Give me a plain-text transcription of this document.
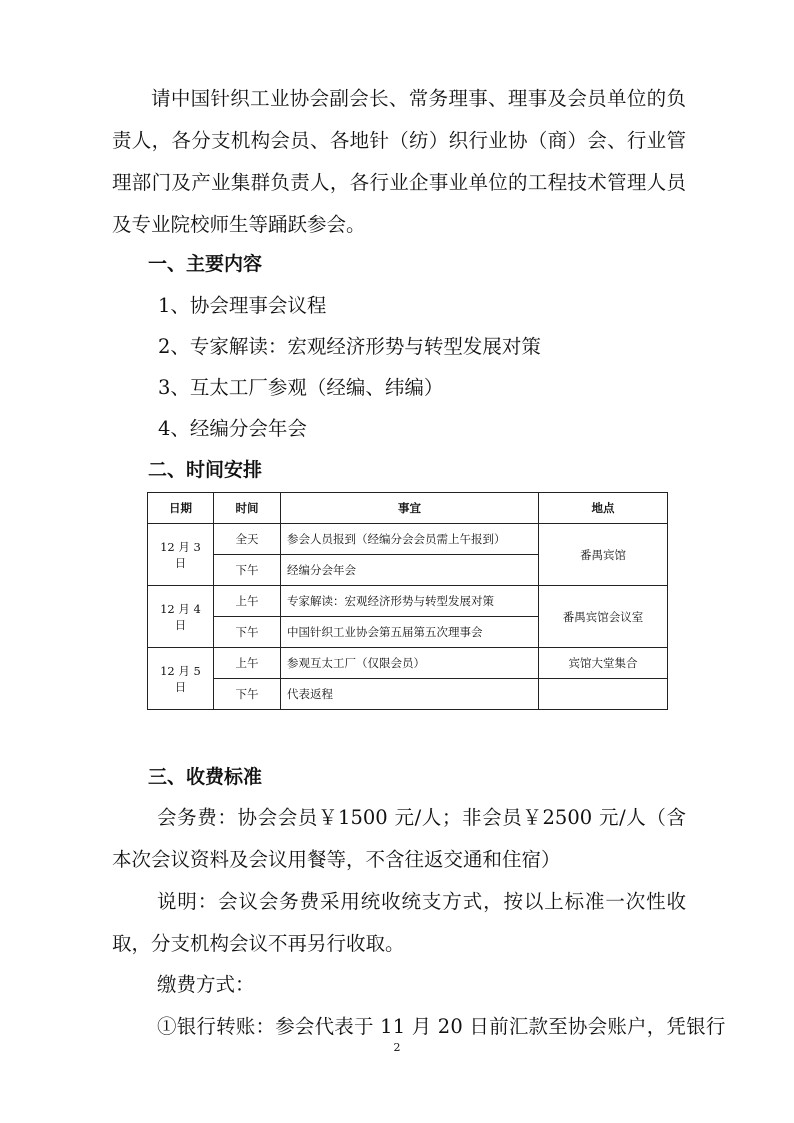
请中国针织工业协会副会长、常务理事、理事及会员单位的负责人，各分支机构会员、各地针（纺）织行业协（商）会、行业管理部门及产业集群负责人，各行业企事业单位的工程技术管理人员及专业院校师生等踊跃参会。

一、主要内容
1、协会理事会议程
2、专家解读：宏观经济形势与转型发展对策
3、互太工厂参观（经编、纬编）
4、经编分会年会
二、时间安排
日期	时间	事宜	地点
12 月 3 日	全天	参会人员报到（经编分会会员需上午报到）	番禺宾馆
	下午	经编分会年会	
12 月 4 日	上午	专家解读：宏观经济形势与转型发展对策	番禺宾馆会议室
	下午	中国针织工业协会第五届第五次理事会	
12 月 5 日	上午	参观互太工厂（仅限会员）	宾馆大堂集合
	下午	代表返程	
三、收费标准

会务费：协会会员￥1500 元/人；非会员￥2500 元/人（含本次会议资料及会议用餐等，不含往返交通和住宿）

说明：会议会务费采用统收统支方式，按以上标准一次性收取，分支机构会议不再另行收取。

缴费方式：
①银行转账：参会代表于 11 月 20 日前汇款至协会账户，凭银行
2
